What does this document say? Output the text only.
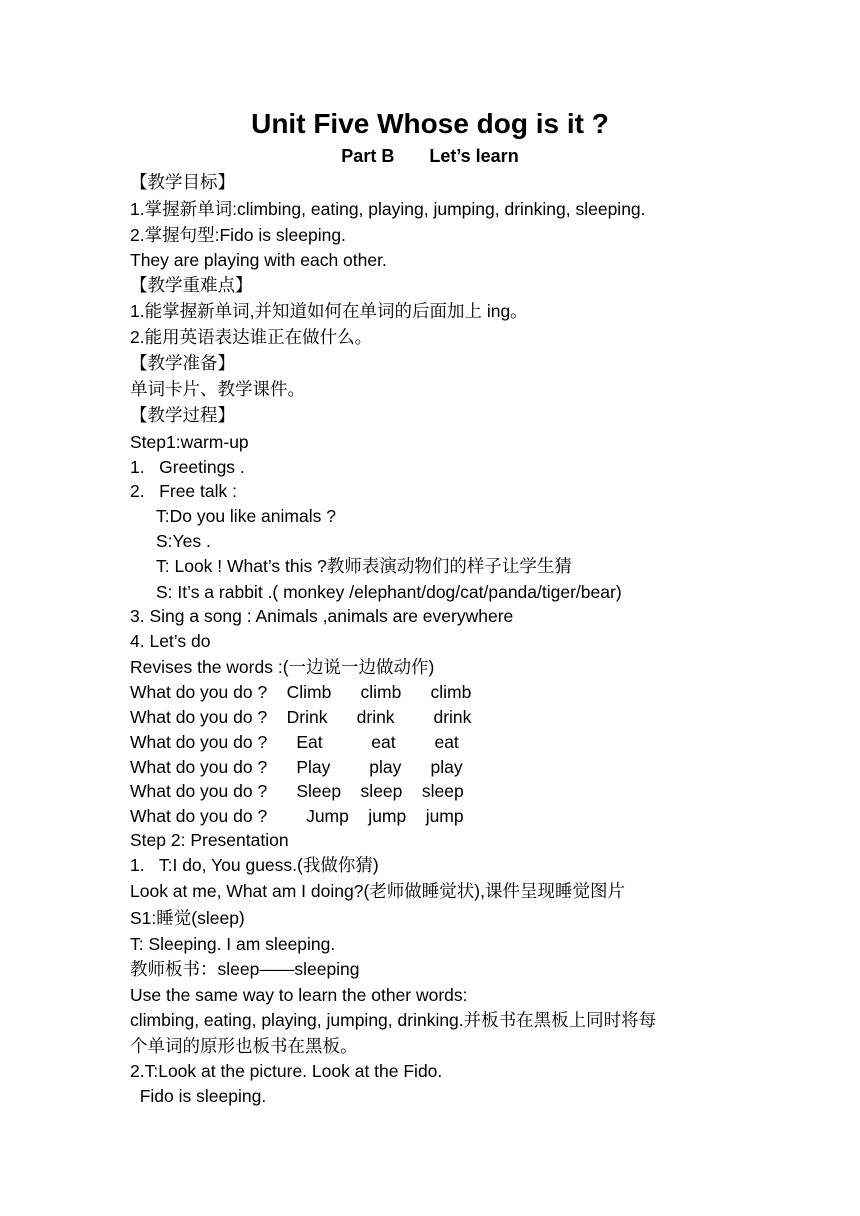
Unit Five Whose dog is it ?
Part B       Let’s learn
【教学目标】
1.掌握新单词:climbing, eating, playing, jumping, drinking, sleeping.
2.掌握句型:Fido is sleeping.
They are playing with each other.
【教学重难点】
1.能掌握新单词,并知道如何在单词的后面加上 ing。
2.能用英语表达谁正在做什么。
【教学准备】
单词卡片、教学课件。
【教学过程】
Step1:warm-up
1.   Greetings .
2.   Free talk :
T:Do you like animals ?
S:Yes .
T: Look ! What’s this ?教师表演动物们的样子让学生猜
S: It’s a rabbit .( monkey /elephant/dog/cat/panda/tiger/bear)
3. Sing a song : Animals ,animals are everywhere
4. Let’s do
Revises the words :(一边说一边做动作)
What do you do ?    Climb      climb      climb
What do you do ?    Drink      drink        drink
What do you do ?      Eat          eat        eat
What do you do ?      Play        play      play
What do you do ?      Sleep    sleep    sleep
What do you do ?        Jump    jump    jump
Step 2: Presentation
1.   T:I do, You guess.(我做你猜)
Look at me, What am I doing?(老师做睡觉状),课件呈现睡觉图片
S1:睡觉(sleep)
T: Sleeping. I am sleeping.
教师板书：sleep——sleeping
Use the same way to learn the other words:
climbing, eating, playing, jumping, drinking.并板书在黑板上同时将每
个单词的原形也板书在黑板。
2.T:Look at the picture. Look at the Fido.
Fido is sleeping.
